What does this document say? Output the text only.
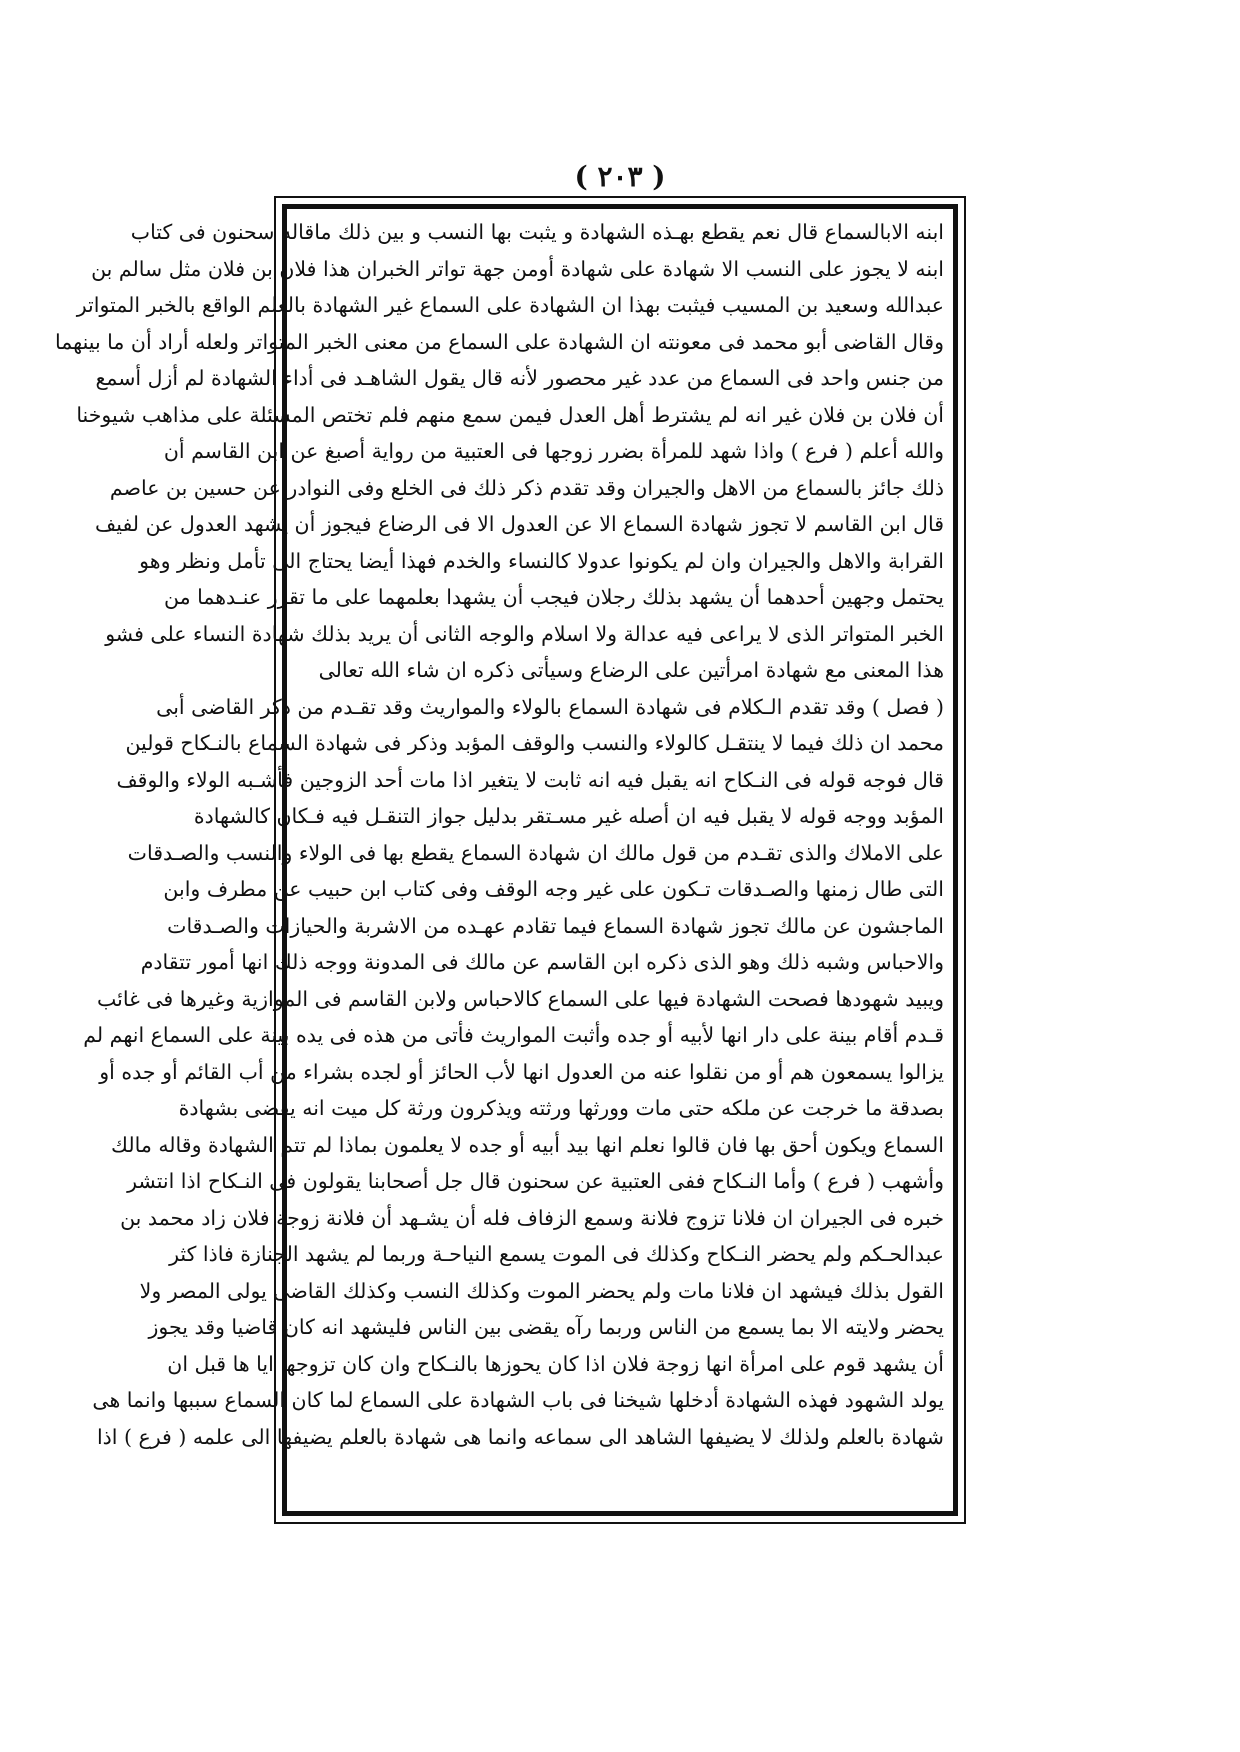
( ٢٠٣ )
ابنه الابالسماع قال نعم يقطع بهـذه الشهادة و يثبت بها النسب و بين ذلك ماقاله سحنون فى كتاب
ابنه لا يجوز على النسب الا شهادة على شهادة أومن جهة تواتر الخبران هذا فلان بن فلان مثل سالم بن
عبدالله وسعيد بن المسيب فيثبت بهذا ان الشهادة على السماع غير الشهادة بالعلم الواقع بالخبر المتواتر
وقال القاضى أبو محمد فى معونته ان الشهادة على السماع من معنى الخبر المتواتر ولعله أراد أن ما بينهما
من جنس واحد فى السماع من عدد غير محصور لأنه قال يقول الشاهـد فى أداء الشهادة لم أزل أسمع
أن فلان بن فلان غير انه لم يشترط أهل العدل فيمن سمع منهم فلم تختص المسئلة على مذاهب شيوخنا
والله أعلم ( فرع ) واذا شهد للمرأة بضرر زوجها فى العتبية من رواية أصبغ عن ابن القاسم أن
ذلك جائز بالسماع من الاهل والجيران وقد تقدم ذكر ذلك فى الخلع وفى النوادر عن حسين بن عاصم
قال ابن القاسم لا تجوز شهادة السماع الا عن العدول الا فى الرضاع فيجوز أن يشهد العدول عن لفيف
القرابة والاهل والجيران وان لم يكونوا عدولا كالنساء والخدم فهذا أيضا يحتاج الى تأمل ونظر وهو
يحتمل وجهين أحدهما أن يشهد بذلك رجلان فيجب أن يشهدا بعلمهما على ما تقرر عنـدهما من
الخبر المتواتر الذى لا يراعى فيه عدالة ولا اسلام والوجه الثانى أن يريد بذلك شهادة النساء على فشو
هذا المعنى مع شهادة امرأتين على الرضاع وسيأتى ذكره ان شاء الله تعالى
( فصل ) وقد تقدم الـكلام فى شهادة السماع بالولاء والمواريث وقد تقـدم من ذكر القاضى أبى
محمد ان ذلك فيما لا ينتقـل كالولاء والنسب والوقف المؤبد وذكر فى شهادة السماع بالنـكاح قولين
قال فوجه قوله فى النـكاح انه يقبل فيه انه ثابت لا يتغير اذا مات أحد الزوجين فأشـبه الولاء والوقف
المؤبد ووجه قوله لا يقبل فيه ان أصله غير مسـتقر بدليل جواز التنقـل فيه فـكان كالشهادة
على الاملاك والذى تقـدم من قول مالك ان شهادة السماع يقطع بها فى الولاء والنسب والصـدقات
التى طال زمنها والصـدقات تـكون على غير وجه الوقف وفى كتاب ابن حبيب عن مطرف وابن
الماجشون عن مالك تجوز شهادة السماع فيما تقادم عهـده من الاشربة والحيازات والصـدقات
والاحباس وشبه ذلك وهو الذى ذكره ابن القاسم عن مالك فى المدونة ووجه ذلك انها أمور تتقادم
ويبيد شهودها فصحت الشهادة فيها على السماع كالاحباس ولابن القاسم فى الموازية وغيرها فى غائب
قـدم أقام بينة على دار انها لأبيه أو جده وأثبت المواريث فأتى من هذه فى يده بينة على السماع انهم لم
يزالوا يسمعون هم أو من نقلوا عنه من العدول انها لأب الحائز أو لجده بشراء من أب القائم أو جده أو
بصدقة ما خرجت عن ملكه حتى مات وورثها ورثته ويذكرون ورثة كل ميت انه يقضى بشهادة
السماع ويكون أحق بها فان قالوا نعلم انها بيد أبيه أو جده لا يعلمون بماذا لم تتم الشهادة وقاله مالك
وأشهب ( فرع ) وأما النـكاح ففى العتبية عن سحنون قال جل أصحابنا يقولون فى النـكاح اذا انتشر
خبره فى الجيران ان فلانا تزوج فلانة وسمع الزفاف فله أن يشـهد أن فلانة زوجة فلان زاد محمد بن
عبدالحـكم ولم يحضر النـكاح وكذلك فى الموت يسمع النياحـة وربما لم يشهد الجنازة فاذا كثر
القول بذلك فيشهد ان فلانا مات ولم يحضر الموت وكذلك النسب وكذلك القاضى يولى المصر ولا
يحضر ولايته الا بما يسمع من الناس وربما رآه يقضى بين الناس فليشهد انه كان قاضيا وقد يجوز
أن يشهد قوم على امرأة انها زوجة فلان اذا كان يحوزها بالنـكاح وان كان تزوجها ايا ها قبل ان
يولد الشهود فهذه الشهادة أدخلها شيخنا فى باب الشهادة على السماع لما كان السماع سببها وانما هى
شهادة بالعلم ولذلك لا يضيفها الشاهد الى سماعه وانما هى شهادة بالعلم يضيفها الى علمه ( فرع ) اذا
